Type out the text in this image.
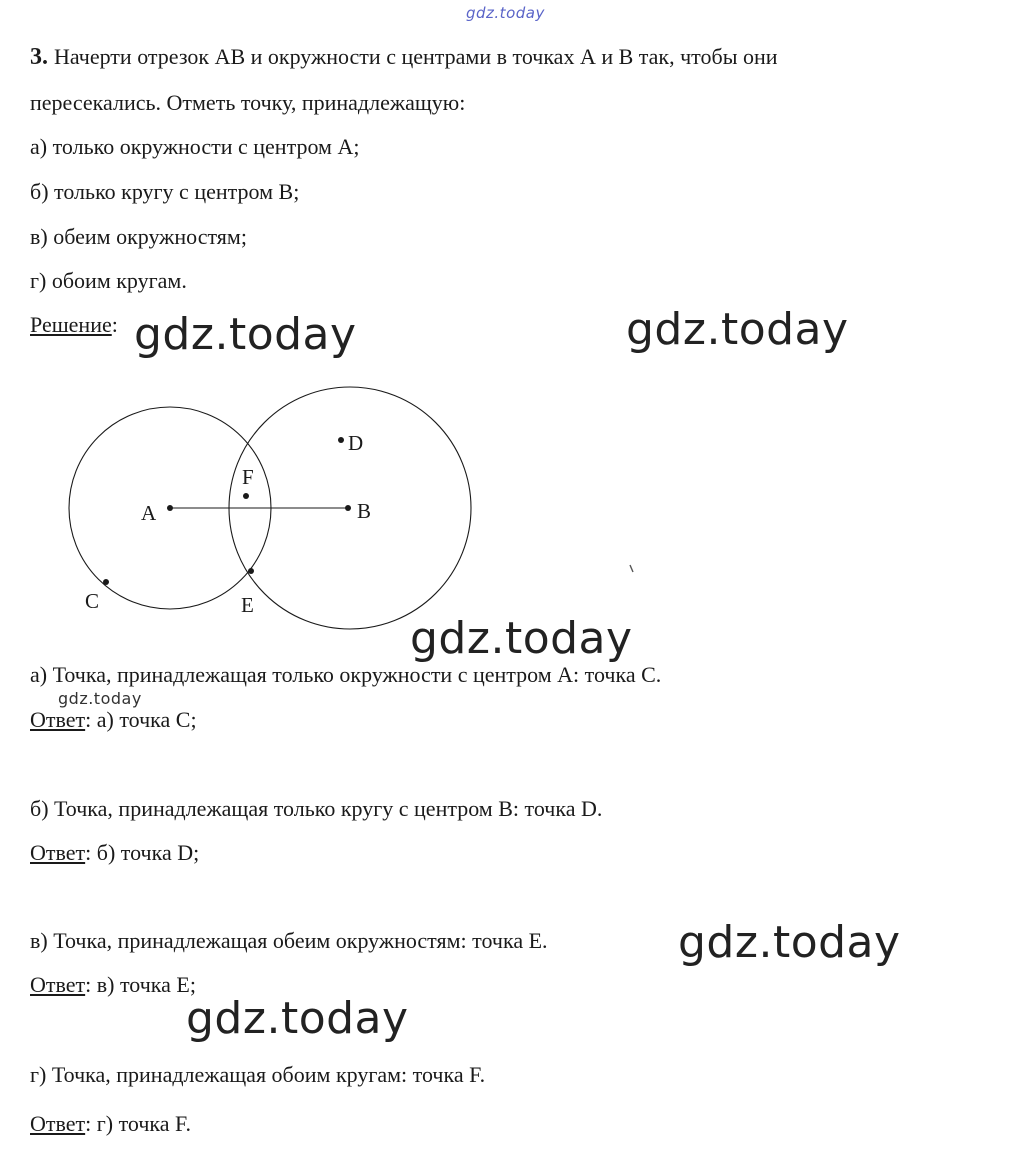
gdz.today
3. Начерти отрезок АВ и окружности с центрами в точках А и В так, чтобы они
пересекались. Отметь точку, принадлежащую:
а) только окружности с центром А;
б) только кругу с центром В;
в) обеим окружностям;
г) обоим кругам.
Решение: gdz.today	gdz.today
A	B
C
D
E
F
gdz.today
а) Точка, принадлежащая только окружности с центром А: точка С.
gdz.today
Ответ: а) точка С;
б) Точка, принадлежащая только кругу с центром В: точка D.
Ответ: б) точка D;
в) Точка, принадлежащая обеим окружностям: точка Е.	gdz.today
Ответ: в) точка Е;
gdz.today
г) Точка, принадлежащая обоим кругам: точка F.
Ответ: г) точка F.
